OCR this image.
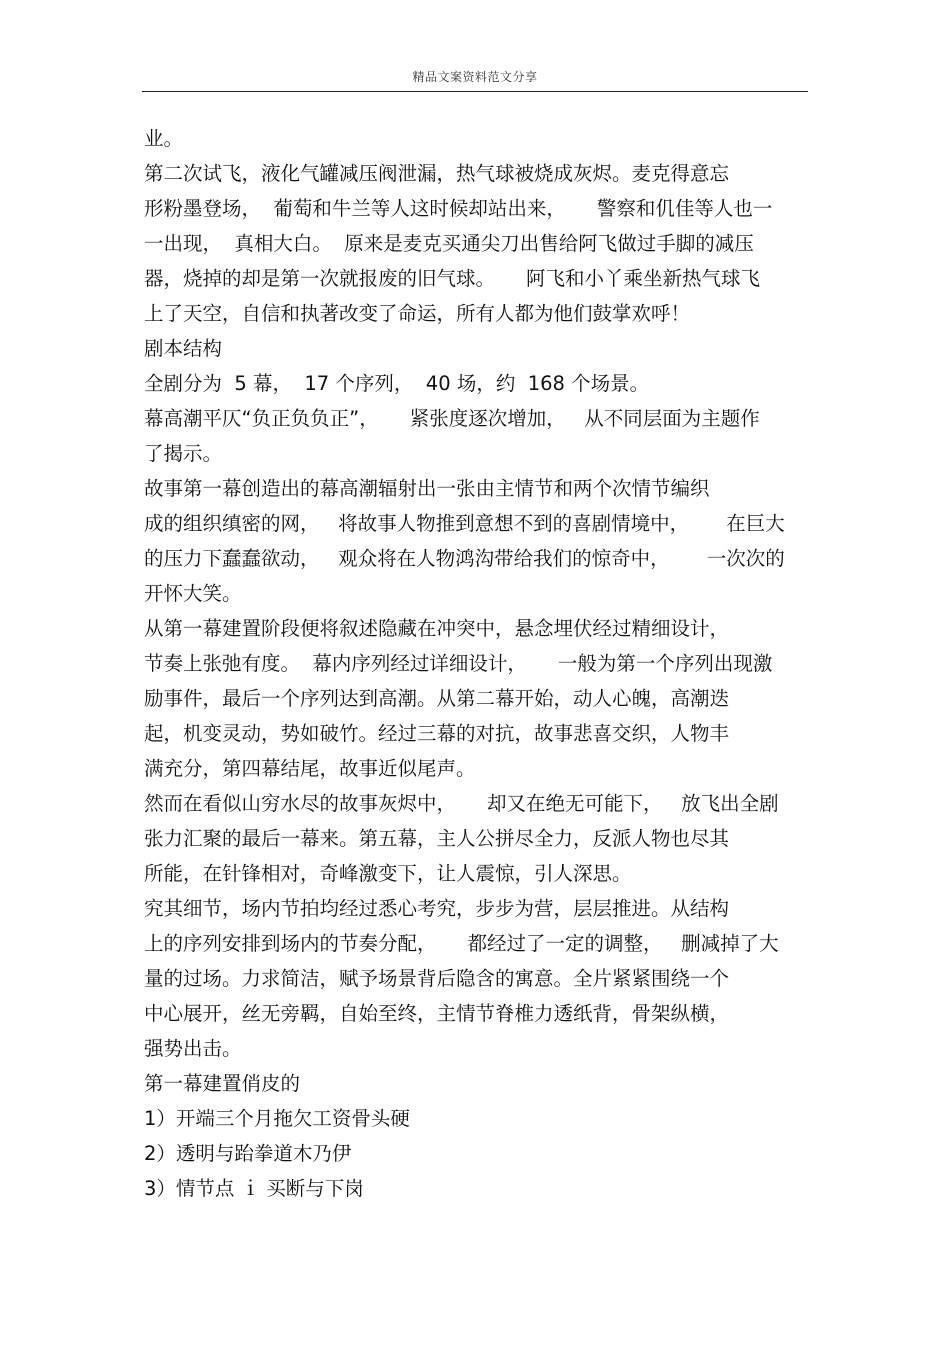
精品文案资料范文分享
业。
第二次试飞，液化气罐减压阀泄漏，热气球被烧成灰烬。麦克得意忘
形粉墨登场，  葡萄和牛兰等人这时候却站出来，     警察和仉佳等人也一
一出现，  真相大白。  原来是麦克买通尖刀出售给阿飞做过手脚的减压
器，烧掉的却是第一次就报废的旧气球。     阿飞和小丫乘坐新热气球飞
上了天空，自信和执著改变了命运，所有人都为他们鼓掌欢呼！
剧本结构
全剧分为  5 幕，  17 个序列，  40 场，约  168 个场景。
幕高潮平仄“负正负负正”，     紧张度逐次增加，   从不同层面为主题作
了揭示。
故事第一幕创造出的幕高潮辐射出一张由主情节和两个次情节编织
成的组织缜密的网，   将故事人物推到意想不到的喜剧情境中，      在巨大
的压力下蠢蠢欲动，   观众将在人物鸿沟带给我们的惊奇中，      一次次的
开怀大笑。
从第一幕建置阶段便将叙述隐藏在冲突中，悬念埋伏经过精细设计，
节奏上张弛有度。  幕内序列经过详细设计，     一般为第一个序列出现激
励事件，最后一个序列达到高潮。从第二幕开始，动人心魄，高潮迭
起，机变灵动，势如破竹。经过三幕的对抗，故事悲喜交织，人物丰
满充分，第四幕结尾，故事近似尾声。
然而在看似山穷水尽的故事灰烬中，     却又在绝无可能下，   放飞出全剧
张力汇聚的最后一幕来。第五幕，主人公拼尽全力，反派人物也尽其
所能，在针锋相对，奇峰激变下，让人震惊，引人深思。
究其细节，场内节拍均经过悉心考究，步步为营，层层推进。从结构
上的序列安排到场内的节奏分配，     都经过了一定的调整，   删减掉了大
量的过场。力求简洁，赋予场景背后隐含的寓意。全片紧紧围绕一个
中心展开，丝无旁羁，自始至终，主情节脊椎力透纸背，骨架纵横，
强势出击。
第一幕建置俏皮的
1）开端三个月拖欠工资骨头硬
2）透明与跆拳道木乃伊
3）情节点 ｉ 买断与下岗
